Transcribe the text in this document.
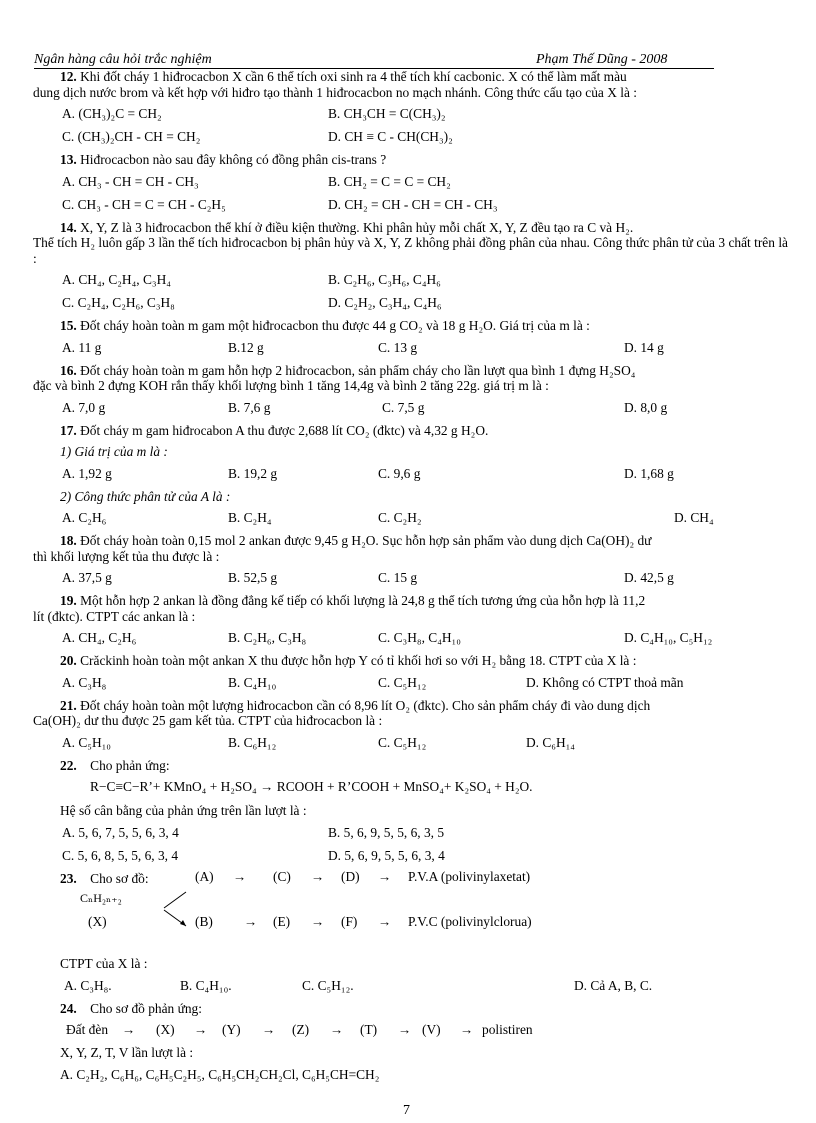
Ngân hàng câu hỏi trắc nghiệm	Phạm Thế Dũng - 2008
12. Khi đốt cháy 1 hiđrocacbon X cần 6 thể tích oxi sinh ra 4 thể tích khí cacbonic. X có thể làm mất màu
dung dịch nước brom và kết hợp với hiđro tạo thành 1 hiđrocacbon no mạch nhánh. Công thức cấu tạo của X là :
A. (CH₃)₂C = CH₂	B. CH₃CH = C(CH₃)₂
C. (CH₃)₂CH - CH = CH₂	D. CH ≡ C - CH(CH₃)₂
13. Hiđrocacbon nào sau đây không có đồng phân cis-trans ?
A. CH₃ - CH = CH - CH₃	B. CH₂ = C = C = CH₂
C. CH₃ - CH = C = CH - C₂H₅	D. CH₂ = CH - CH = CH - CH₃
14. X, Y, Z là 3 hiđrocacbon thể khí ở điều kiện thường. Khi phân hủy mỗi chất X, Y, Z đều tạo ra C và H₂.
Thể tích H₂ luôn gấp 3 lần thể tích hiđrocacbon bị phân hủy và X, Y, Z không phải đồng phân của nhau. Công thức phân tử của 3 chất trên là :
A. CH₄, C₂H₄, C₃H₄	B. C₂H₆, C₃H₆, C₄H₆
C. C₂H₄, C₂H₆, C₃H₈	D. C₂H₂, C₃H₄, C₄H₆
15. Đốt cháy hoàn toàn m gam một hiđrocacbon thu được 44 g CO₂ và 18 g H₂O. Giá trị của m là :
A. 11 g	B.12 g	C. 13 g	D. 14 g
16. Đốt cháy hoàn toàn m gam hỗn hợp 2 hiđrocacbon, sản phẩm cháy cho lần lượt qua bình 1 đựng H₂SO₄
đặc và bình 2 đựng KOH rắn thấy khối lượng bình 1 tăng 14,4g và bình 2 tăng 22g. giá trị m là :
A. 7,0 g	B. 7,6 g	C. 7,5 g	D. 8,0 g
17. Đốt cháy m gam hiđrocabon A thu được 2,688 lít CO₂ (đktc) và 4,32 g H₂O.
1) Giá trị của m là :
A. 1,92 g	B. 19,2 g	C. 9,6 g	D. 1,68 g
2) Công thức phân tử của A là :
A. C₂H₆	B. C₂H₄	C. C₂H₂	D. CH₄
18. Đốt cháy hoàn toàn 0,15 mol 2 ankan được 9,45 g H₂O. Sục hỗn hợp sản phẩm vào dung dịch Ca(OH)₂ dư
thì khối lượng kết tủa thu được là :
A. 37,5 g	B. 52,5 g	C. 15 g	D. 42,5 g
19. Một hỗn hợp 2 ankan là đồng đẳng kế tiếp có khối lượng là 24,8 g thể tích tương ứng của hỗn hợp là 11,2
lít (đktc). CTPT các ankan là :
A. CH₄, C₂H₆	B. C₂H₆, C₃H₈	C. C₃H₈, C₄H₁₀	D. C₄H₁₀, C₅H₁₂
20. Crăckinh hoàn toàn một ankan X thu được hỗn hợp Y có tỉ khối hơi so với H₂ bằng 18. CTPT của X là :
A. C₃H₈	B. C₄H₁₀	C. C₅H₁₂	D. Không có CTPT thoả mãn
21. Đốt cháy hoàn toàn một lượng hiđrocacbon cần có 8,96 lít O₂ (đktc). Cho sản phẩm cháy đi vào dung dịch
Ca(OH)₂ dư thu được 25 gam kết tủa. CTPT của hiđrocacbon là :
A. C₅H₁₀	B. C₆H₁₂	C. C₅H₁₂	D. C₆H₁₄
22. Cho phản ứng:
R−C≡C−R’+ KMnO₄ + H₂SO₄ → RCOOH + R’COOH + MnSO₄+ K₂SO₄ + H₂O.
Hệ số cân bằng của phản ứng trên lần lượt là :
A. 5, 6, 7, 5, 5, 6, 3, 4	B. 5, 6, 9, 5, 5, 6, 3, 5
C. 5, 6, 8, 5, 5, 6, 3, 4	D. 5, 6, 9, 5, 5, 6, 3, 4
23. Cho sơ đồ:	(A) → (C) → (D) → P.V.A (polivinylaxetat)
CₙH₂ₙ₊₂
(X)	(B) → (E) → (F) → P.V.C (polivinylclorua)
CTPT của X là :
A. C₃H₈.	B. C₄H₁₀.	C. C₅H₁₂.	D. Cả A, B, C.
24. Cho sơ đồ phản ứng:
Đất đèn → (X) → (Y) → (Z) → (T) → (V) → polistiren
X, Y, Z, T, V lần lượt là :
A. C₂H₂, C₆H₆, C₆H₅C₂H₅, C₆H₅CH₂CH₂Cl, C₆H₅CH=CH₂
7
